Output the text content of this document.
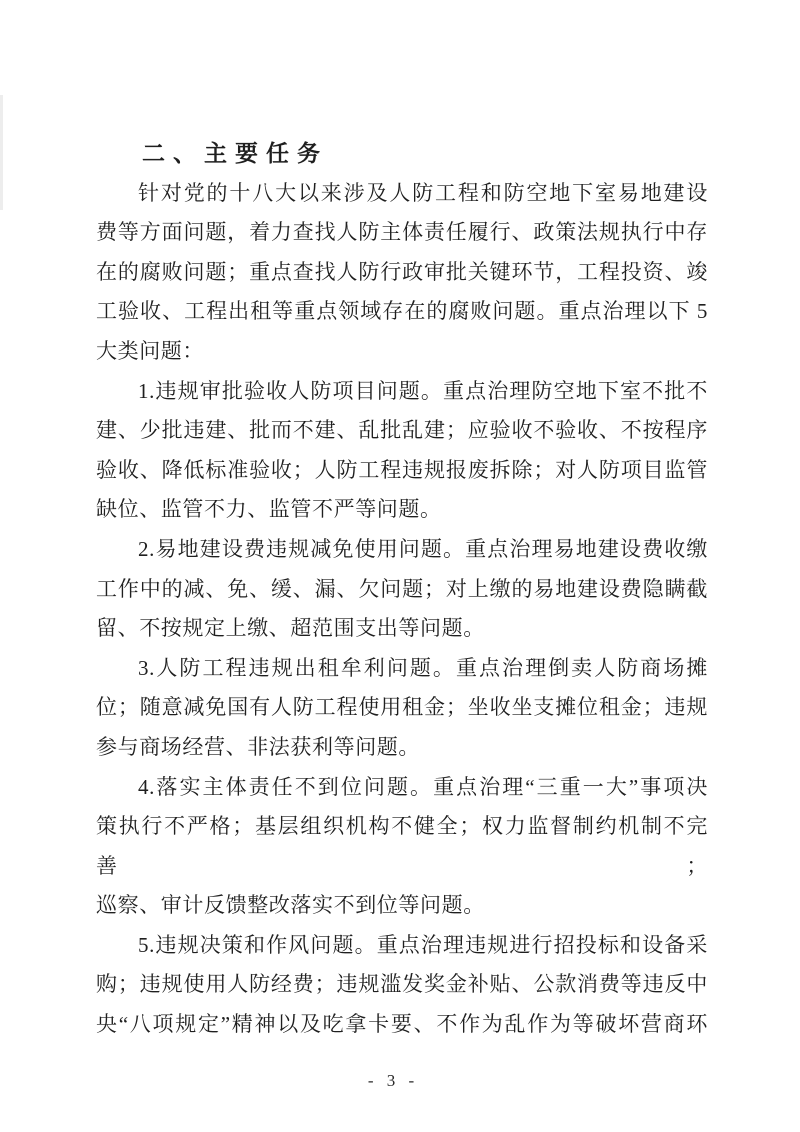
二、主要任务
针对党的十八大以来涉及人防工程和防空地下室易地建设
费等方面问题，着力查找人防主体责任履行、政策法规执行中存
在的腐败问题；重点查找人防行政审批关键环节，工程投资、竣
工验收、工程出租等重点领域存在的腐败问题。重点治理以下 5
大类问题：
1.违规审批验收人防项目问题。重点治理防空地下室不批不
建、少批违建、批而不建、乱批乱建；应验收不验收、不按程序
验收、降低标准验收；人防工程违规报废拆除；对人防项目监管
缺位、监管不力、监管不严等问题。
2.易地建设费违规减免使用问题。重点治理易地建设费收缴
工作中的减、免、缓、漏、欠问题；对上缴的易地建设费隐瞒截
留、不按规定上缴、超范围支出等问题。
3.人防工程违规出租牟利问题。重点治理倒卖人防商场摊
位；随意减免国有人防工程使用租金；坐收坐支摊位租金；违规
参与商场经营、非法获利等问题。
4.落实主体责任不到位问题。重点治理“三重一大”事项决
策执行不严格；基层组织机构不健全；权力监督制约机制不完善；
巡察、审计反馈整改落实不到位等问题。
5.违规决策和作风问题。重点治理违规进行招投标和设备采
购；违规使用人防经费；违规滥发奖金补贴、公款消费等违反中
央“八项规定”精神以及吃拿卡要、不作为乱作为等破坏营商环
- 3 -
